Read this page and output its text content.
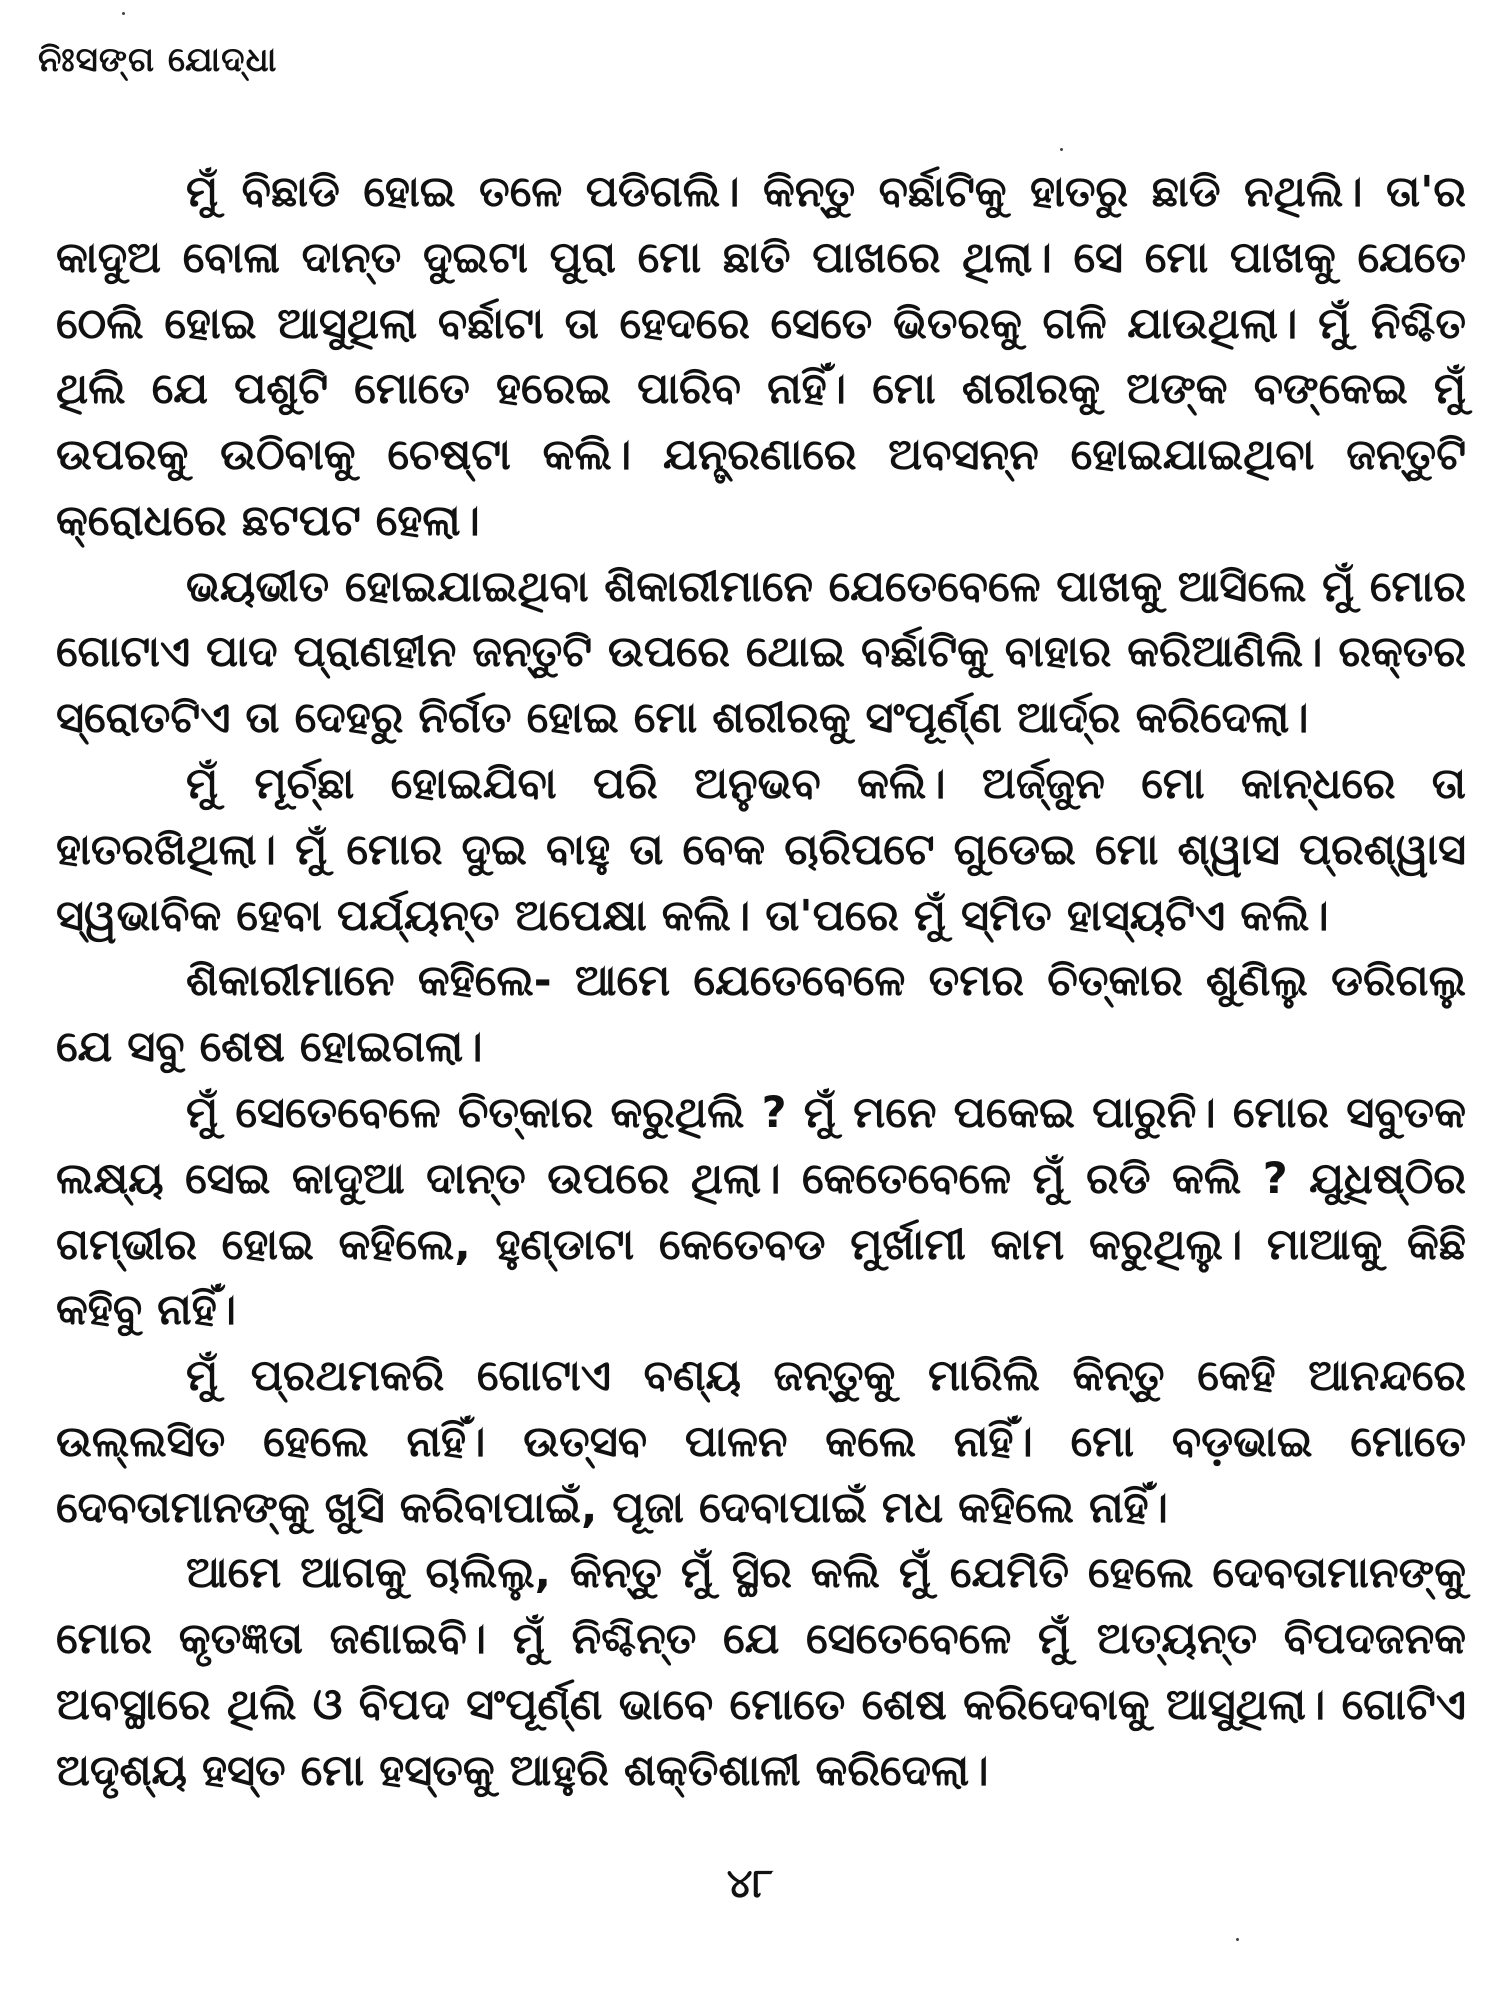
ନିଃସଙ୍ଗ ଯୋଦ୍ଧା

ମୁଁ ବିଛାଡି ହୋଇ ତଳେ ପଡିଗଲି। କିନ୍ତୁ ବର୍ଛାଟିକୁ ହାତରୁ ଛାଡି ନଥିଲି। ତା'ର କାଦୁଅ ବୋଳା ଦାନ୍ତ ଦୁଇଟା ପୁରା ମୋ ଛାତି ପାଖରେ ଥିଲା। ସେ ମୋ ପାଖକୁ ଯେତେ ଠେଲି ହୋଇ ଆସୁଥିଲା ବର୍ଛାଟା ତା ହେଦରେ ସେତେ ଭିତରକୁ ଗଳି ଯାଉଥିଲା। ମୁଁ ନିଶ୍ଚିତ ଥିଲି ଯେ ପଶୁଟି ମୋତେ ହରେଇ ପାରିବ ନାହିଁ। ମୋ ଶରୀରକୁ ଅଙ୍କ ବଙ୍କେଇ ମୁଁ ଉପରକୁ ଉଠିବାକୁ ଚେଷ୍ଟା କଲି। ଯନ୍ତ୍ରଣାରେ ଅବସନ୍ନ ହୋଇଯାଇଥିବା ଜନ୍ତୁଟି କ୍ରୋଧରେ ଛଟପଟ ହେଲା।

ଭୟଭୀତ ହୋଇଯାଇଥିବା ଶିକାରୀମାନେ ଯେତେବେଳେ ପାଖକୁ ଆସିଲେ ମୁଁ ମୋର ଗୋଟାଏ ପାଦ ପ୍ରାଣହୀନ ଜନ୍ତୁଟି ଉପରେ ଥୋଇ ବର୍ଛାଟିକୁ ବାହାର କରିଆଣିଲି। ରକ୍ତର ସ୍ରୋତଟିଏ ତା ଦେହରୁ ନିର୍ଗତ ହୋଇ ମୋ ଶରୀରକୁ ସଂପୂର୍ଣ୍ଣ ଆର୍ଦ୍ର କରିଦେଲା।

ମୁଁ ମୂର୍ଚ୍ଛା ହୋଇଯିବା ପରି ଅନୁଭବ କଲି। ଅର୍ଜ୍ଜୁନ ମୋ କାନ୍ଧରେ ତା ହାତରଖିଥିଲା। ମୁଁ ମୋର ଦୁଇ ବାହୁ ତା ବେକ ଚାରିପଟେ ଗୁଡେଇ ମୋ ଶ୍ୱାସ ପ୍ରଶ୍ୱାସ ସ୍ୱଭାବିକ ହେବା ପର୍ଯ୍ୟନ୍ତ ଅପେକ୍ଷା କଲି। ତା'ପରେ ମୁଁ ସ୍ମିତ ହାସ୍ୟଟିଏ କଲି।

ଶିକାରୀମାନେ କହିଲେ- ଆମେ ଯେତେବେଳେ ତମର ଚିତ୍କାର ଶୁଣିଲୁ ଡରିଗଲୁ ଯେ ସବୁ ଶେଷ ହୋଇଗଲା।

ମୁଁ ସେତେବେଳେ ଚିତ୍କାର କରୁଥିଲି ? ମୁଁ ମନେ ପକେଇ ପାରୁନି। ମୋର ସବୁତକ ଲକ୍ଷ୍ୟ ସେଇ କାଦୁଆ ଦାନ୍ତ ଉପରେ ଥିଲା। କେତେବେଳେ ମୁଁ ରଡି କଲି ? ଯୁଧିଷ୍ଠିର ଗମ୍ଭୀର ହୋଇ କହିଲେ, ହୁଣ୍ଡାଟା କେତେବଡ ମୁର୍ଖାମୀ କାମ କରୁଥିଲୁ। ମାଆକୁ କିଛି କହିବୁ ନାହିଁ।

ମୁଁ ପ୍ରଥମକରି ଗୋଟାଏ ବଣ୍ୟ ଜନ୍ତୁକୁ ମାରିଲି କିନ୍ତୁ କେହି ଆନନ୍ଦରେ ଉଲ୍ଲସିତ ହେଲେ ନାହିଁ। ଉତ୍ସବ ପାଳନ କଲେ ନାହିଁ। ମୋ ବଡ଼ଭାଇ ମୋତେ ଦେବତାମାନଙ୍କୁ ଖୁସି କରିବାପାଇଁ, ପୂଜା ଦେବାପାଇଁ ମଧ କହିଲେ ନାହିଁ।

ଆମେ ଆଗକୁ ଚାଲିଲୁ, କିନ୍ତୁ ମୁଁ ସ୍ଥିର କଲି ମୁଁ ଯେମିତି ହେଲେ ଦେବତାମାନଙ୍କୁ ମୋର କୃତଜ୍ଞତା ଜଣାଇବି। ମୁଁ ନିଶ୍ଚିନ୍ତ ଯେ ସେତେବେଳେ ମୁଁ ଅତ୍ୟନ୍ତ ବିପଦଜନକ ଅବସ୍ଥାରେ ଥିଲି ଓ ବିପଦ ସଂପୂର୍ଣ୍ଣ ଭାବେ ମୋତେ ଶେଷ କରିଦେବାକୁ ଆସୁଥିଲା। ଗୋଟିଏ ଅଦୃଶ୍ୟ ହସ୍ତ ମୋ ହସ୍ତକୁ ଆହୁରି ଶକ୍ତିଶାଳୀ କରିଦେଲା।

୪୮
